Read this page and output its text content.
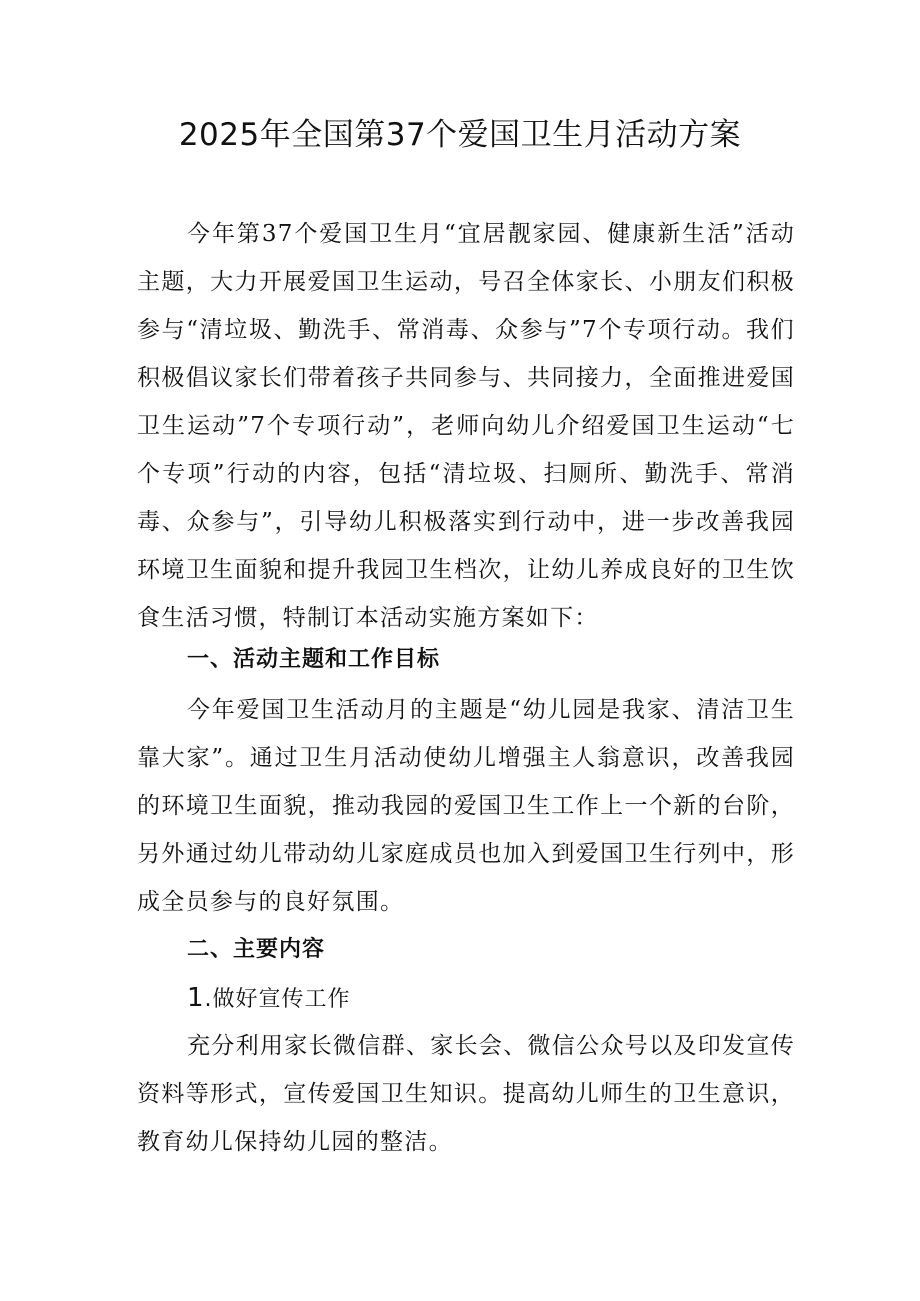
2025年全国第37个爱国卫生月活动方案

今年第37个爱国卫生月“宜居靓家园、健康新生活”活动主题，大力开展爱国卫生运动，号召全体家长、小朋友们积极参与“清垃圾、勤洗手、常消毒、众参与”7个专项行动。我们积极倡议家长们带着孩子共同参与、共同接力，全面推进爱国卫生运动”7个专项行动”，老师向幼儿介绍爱国卫生运动“七个专项”行动的内容，包括“清垃圾、扫厕所、勤洗手、常消毒、众参与”，引导幼儿积极落实到行动中，进一步改善我园环境卫生面貌和提升我园卫生档次，让幼儿养成良好的卫生饮食生活习惯，特制订本活动实施方案如下：

一、活动主题和工作目标

今年爱国卫生活动月的主题是“幼儿园是我家、清洁卫生靠大家”。通过卫生月活动使幼儿增强主人翁意识，改善我园的环境卫生面貌，推动我园的爱国卫生工作上一个新的台阶，另外通过幼儿带动幼儿家庭成员也加入到爱国卫生行列中，形成全员参与的良好氛围。

二、主要内容
1.做好宣传工作

充分利用家长微信群、家长会、微信公众号以及印发宣传资料等形式，宣传爱国卫生知识。提高幼儿师生的卫生意识，教育幼儿保持幼儿园的整洁。
